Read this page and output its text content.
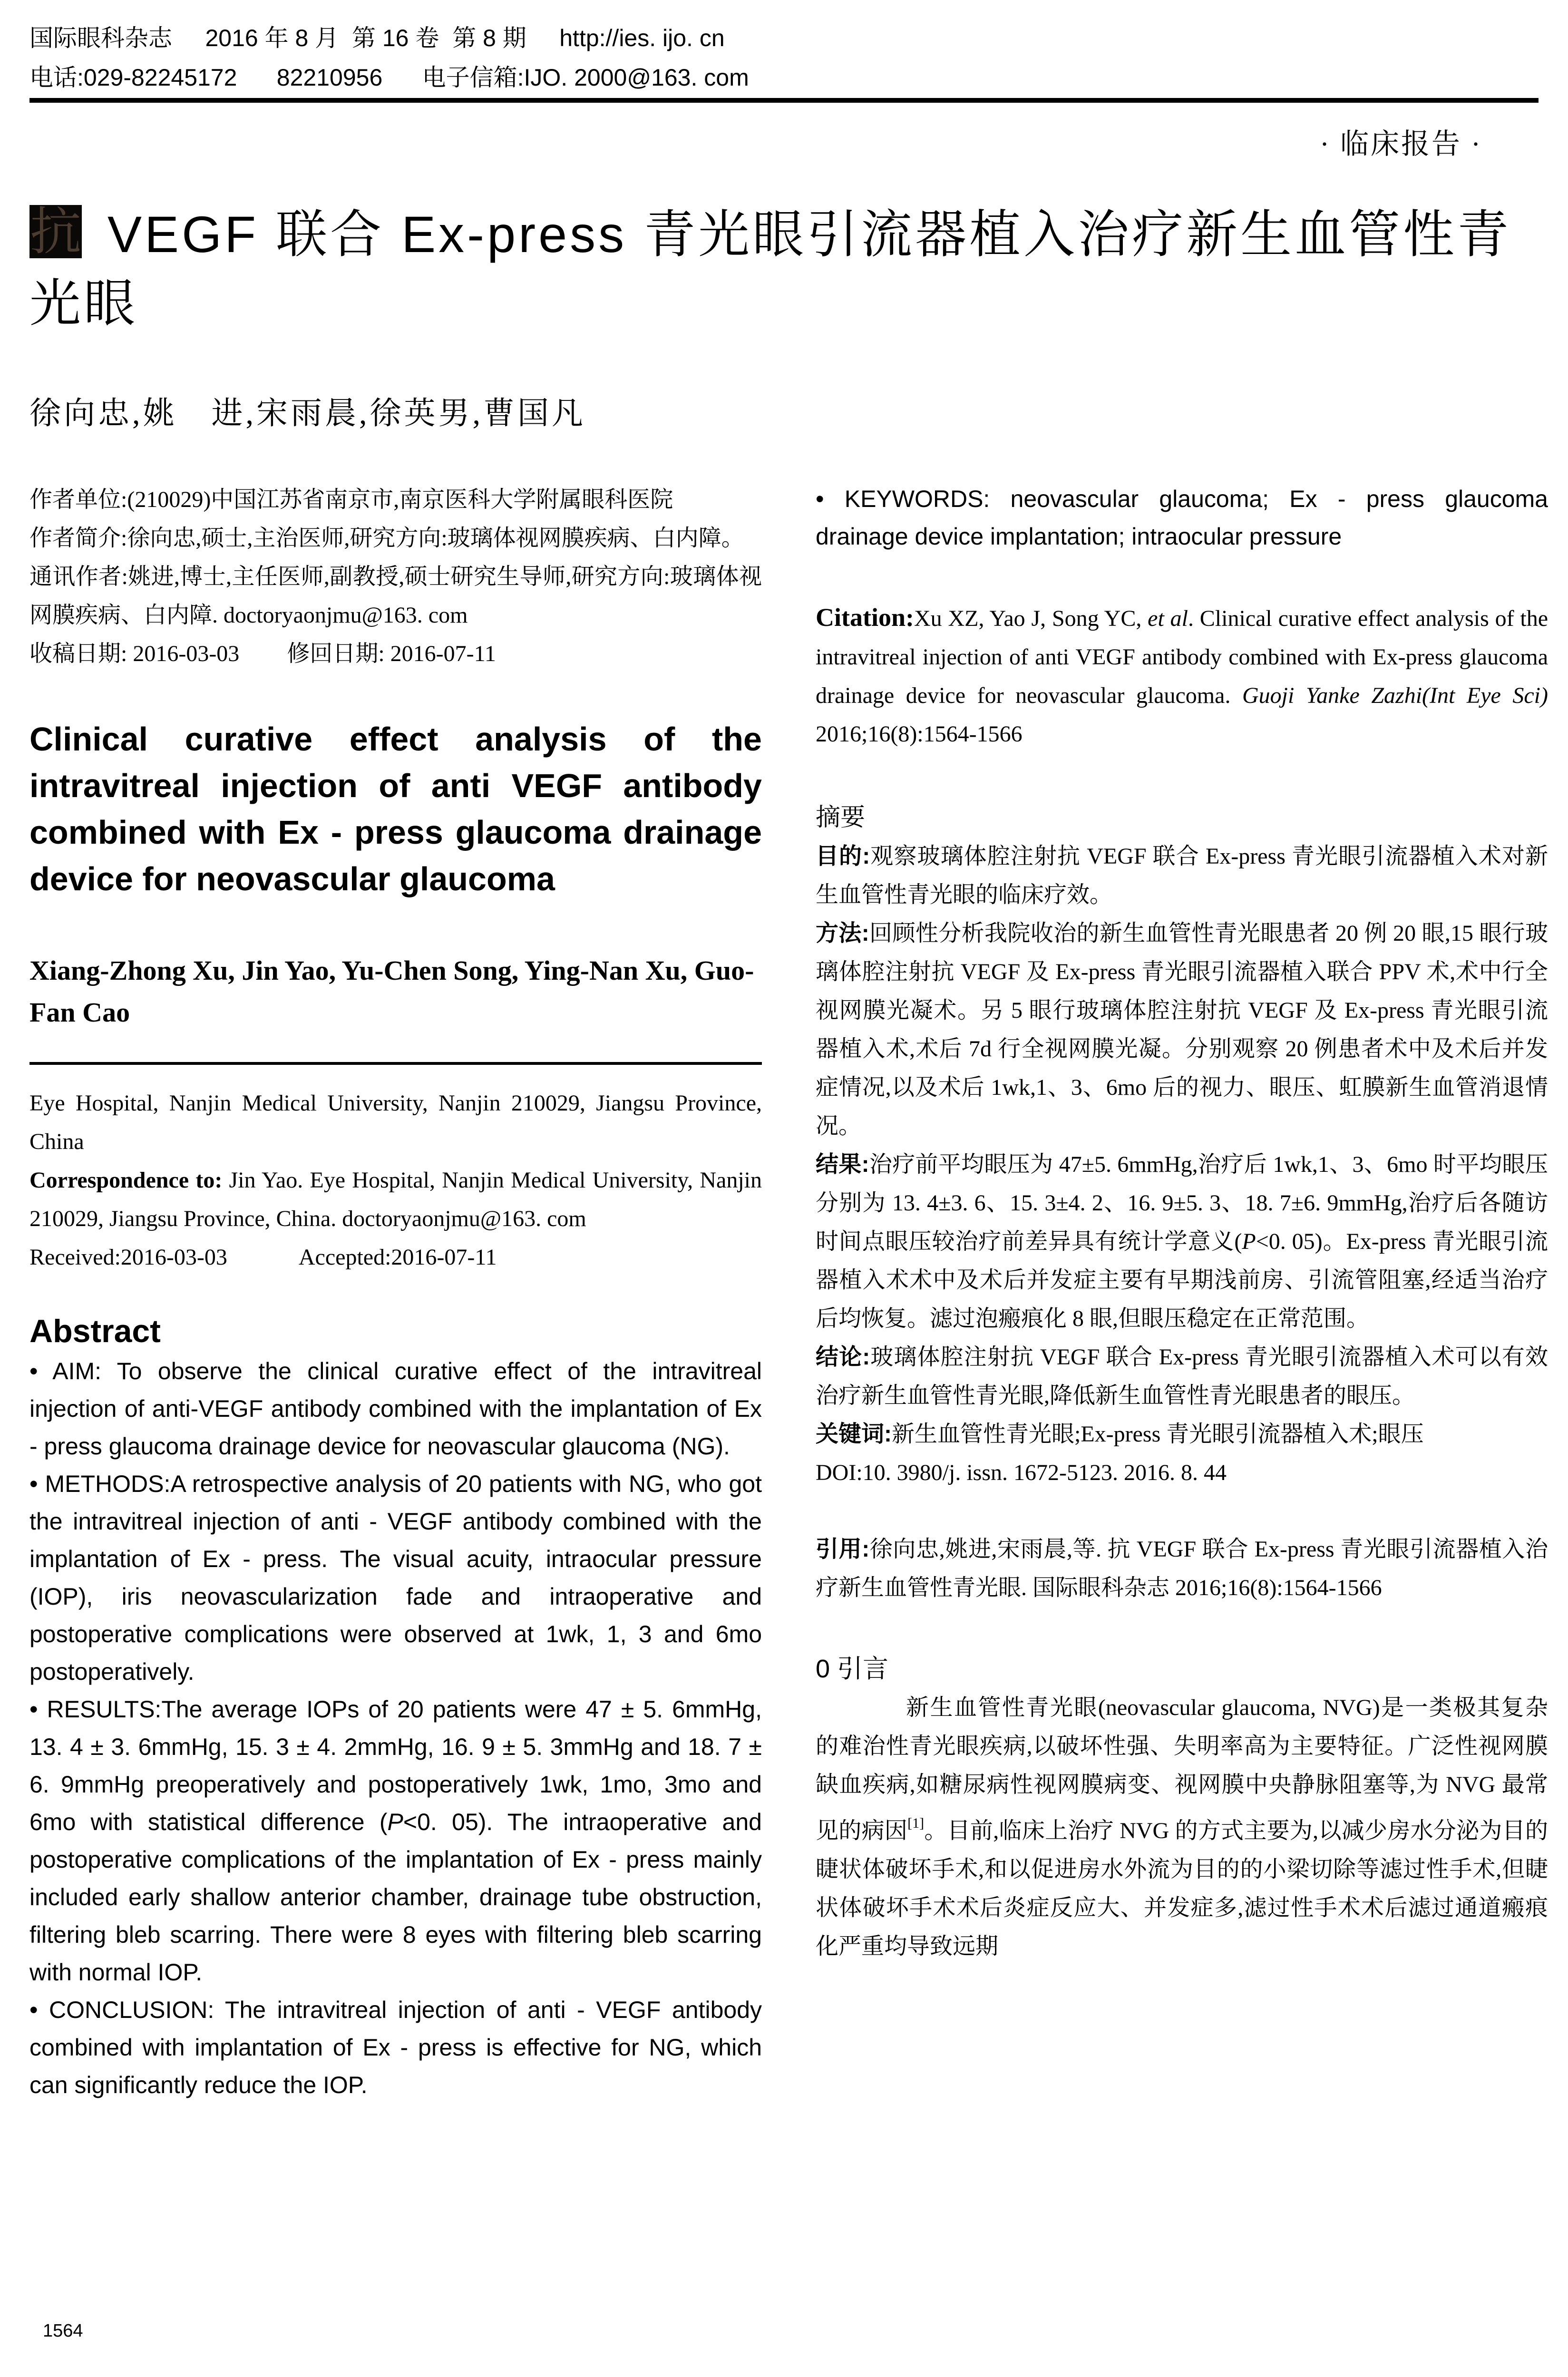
国际眼科杂志 2016 年 8 月 第 16 卷 第 8 期 http://ies. ijo. cn
电话:029-82245172 82210956 电子信箱:IJO. 2000@163. com
· 临床报告 ·
抗 VEGF 联合 Ex-press 青光眼引流器植入治疗新生血管性青光眼
徐向忠,姚　进,宋雨晨,徐英男,曹国凡

作者单位:(210029)中国江苏省南京市,南京医科大学附属眼科医院

作者简介:徐向忠,硕士,主治医师,研究方向:玻璃体视网膜疾病、白内障。

通讯作者:姚进,博士,主任医师,副教授,硕士研究生导师,研究方向:玻璃体视网膜疾病、白内障. doctoryaonjmu@163. com

收稿日期: 2016-03-03 修回日期: 2016-07-11

Clinical curative effect analysis of the intravitreal injection of anti VEGF antibody combined with Ex - press glaucoma drainage device for neovascular glaucoma

Xiang-Zhong Xu, Jin Yao, Yu-Chen Song, Ying-Nan Xu, Guo-Fan Cao

Eye Hospital, Nanjin Medical University, Nanjin 210029, Jiangsu Province, China

Correspondence to: Jin Yao. Eye Hospital, Nanjin Medical University, Nanjin 210029, Jiangsu Province, China. doctoryaonjmu@163. com

Received:2016-03-03	Accepted:2016-07-11

Abstract

• AIM: To observe the clinical curative effect of the intravitreal injection of anti-VEGF antibody combined with the implantation of Ex - press glaucoma drainage device for neovascular glaucoma (NG).

• METHODS:A retrospective analysis of 20 patients with NG, who got the intravitreal injection of anti - VEGF antibody combined with the implantation of Ex - press. The visual acuity, intraocular pressure (IOP), iris neovascularization fade and intraoperative and postoperative complications were observed at 1wk, 1, 3 and 6mo postoperatively.

• RESULTS:The average IOPs of 20 patients were 47 ± 5. 6mmHg, 13. 4 ± 3. 6mmHg, 15. 3 ± 4. 2mmHg, 16. 9 ± 5. 3mmHg and 18. 7 ± 6. 9mmHg preoperatively and postoperatively 1wk, 1mo, 3mo and 6mo with statistical difference (P<0. 05). The intraoperative and postoperative complications of the implantation of Ex - press mainly included early shallow anterior chamber, drainage tube obstruction, filtering bleb scarring. There were 8 eyes with filtering bleb scarring with normal IOP.

• CONCLUSION: The intravitreal injection of anti - VEGF antibody combined with implantation of Ex - press is effective for NG, which can significantly reduce the IOP.

• KEYWORDS: neovascular glaucoma; Ex - press glaucoma drainage device implantation; intraocular pressure

Citation:Xu XZ, Yao J, Song YC, et al. Clinical curative effect analysis of the intravitreal injection of anti VEGF antibody combined with Ex-press glaucoma drainage device for neovascular glaucoma. Guoji Yanke Zazhi(Int Eye Sci) 2016;16(8):1564-1566

摘要

目的:观察玻璃体腔注射抗 VEGF 联合 Ex-press 青光眼引流器植入术对新生血管性青光眼的临床疗效。

方法:回顾性分析我院收治的新生血管性青光眼患者 20 例 20 眼,15 眼行玻璃体腔注射抗 VEGF 及 Ex-press 青光眼引流器植入联合 PPV 术,术中行全视网膜光凝术。另 5 眼行玻璃体腔注射抗 VEGF 及 Ex-press 青光眼引流器植入术,术后 7d 行全视网膜光凝。分别观察 20 例患者术中及术后并发症情况,以及术后 1wk,1、3、6mo 后的视力、眼压、虹膜新生血管消退情况。

结果:治疗前平均眼压为 47±5. 6mmHg,治疗后 1wk,1、3、6mo 时平均眼压分别为 13. 4±3. 6、15. 3±4. 2、16. 9±5. 3、18. 7±6. 9mmHg,治疗后各随访时间点眼压较治疗前差异具有统计学意义(P<0. 05)。Ex-press 青光眼引流器植入术术中及术后并发症主要有早期浅前房、引流管阻塞,经适当治疗后均恢复。滤过泡瘢痕化 8 眼,但眼压稳定在正常范围。

结论:玻璃体腔注射抗 VEGF 联合 Ex-press 青光眼引流器植入术可以有效治疗新生血管性青光眼,降低新生血管性青光眼患者的眼压。

关键词:新生血管性青光眼;Ex-press 青光眼引流器植入术;眼压

DOI:10. 3980/j. issn. 1672-5123. 2016. 8. 44

引用:徐向忠,姚进,宋雨晨,等. 抗 VEGF 联合 Ex-press 青光眼引流器植入治疗新生血管性青光眼. 国际眼科杂志 2016;16(8):1564-1566

0 引言

新生血管性青光眼(neovascular glaucoma, NVG)是一类极其复杂的难治性青光眼疾病,以破坏性强、失明率高为主要特征。广泛性视网膜缺血疾病,如糖尿病性视网膜病变、视网膜中央静脉阻塞等,为 NVG 最常见的病因[1]。目前,临床上治疗 NVG 的方式主要为,以减少房水分泌为目的睫状体破坏手术,和以促进房水外流为目的的小梁切除等滤过性手术,但睫状体破坏手术术后炎症反应大、并发症多,滤过性手术术后滤过通道瘢痕化严重均导致远期

1564
